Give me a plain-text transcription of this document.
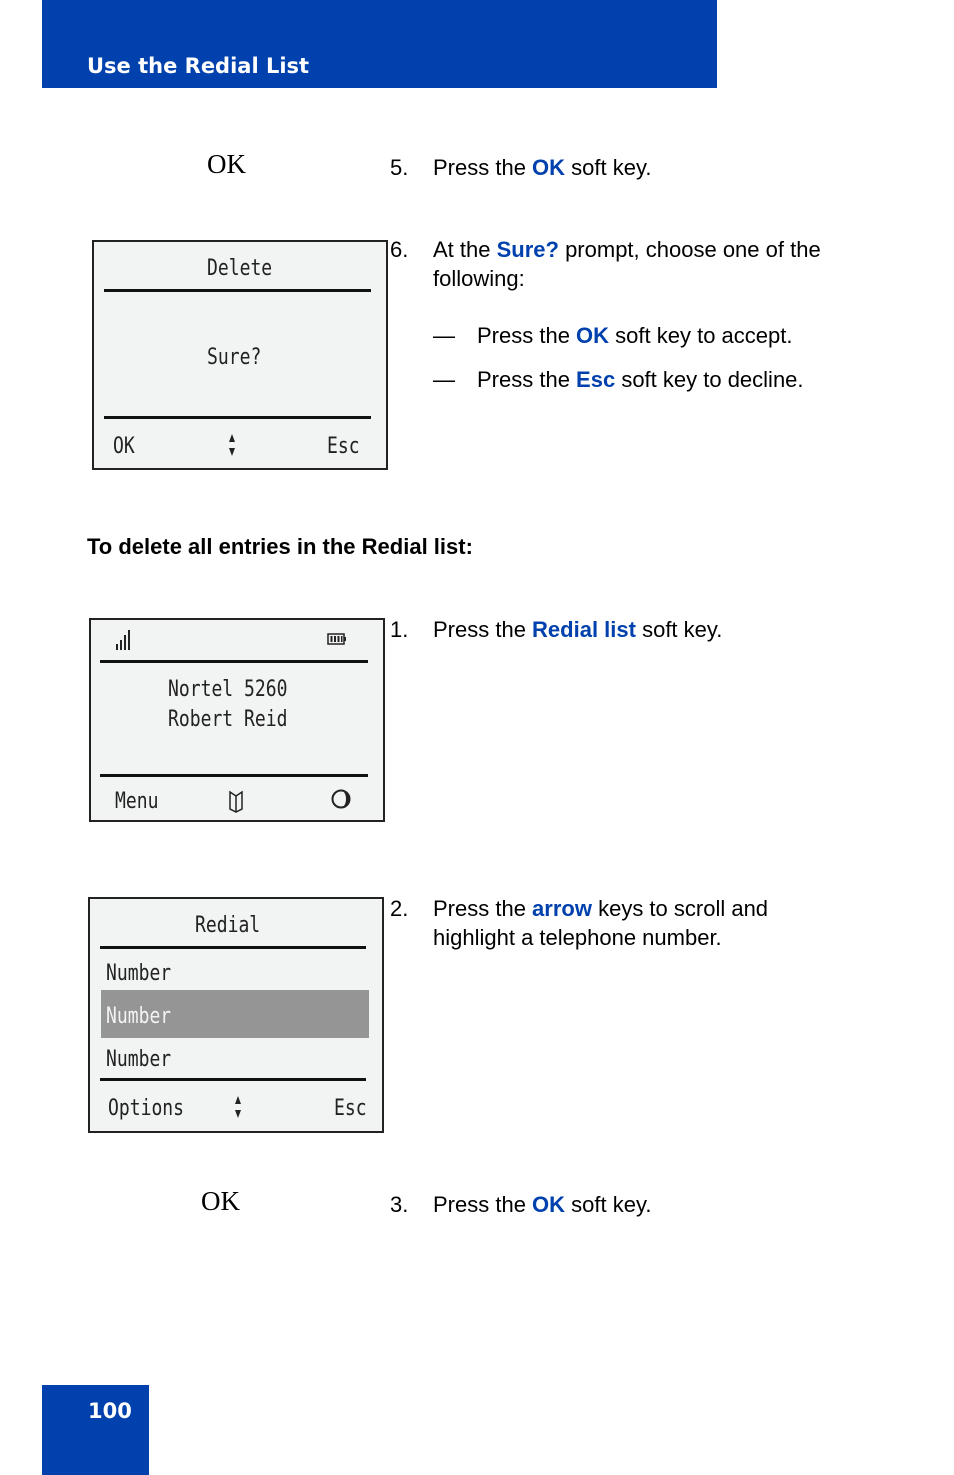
Use the Redial List
OK	5. Press the OK soft key.
Delete
Sure?
OK	Esc
6. At the Sure? prompt, choose one of the
following:
— Press the OK soft key to accept.
— Press the Esc soft key to decline.
To delete all entries in the Redial list:
Nortel 5260
Robert Reid
Menu
1. Press the Redial list soft key.
Redial
Number
Number
Number
Options	Esc
2. Press the arrow keys to scroll and
highlight a telephone number.
OK	3. Press the OK soft key.
100
